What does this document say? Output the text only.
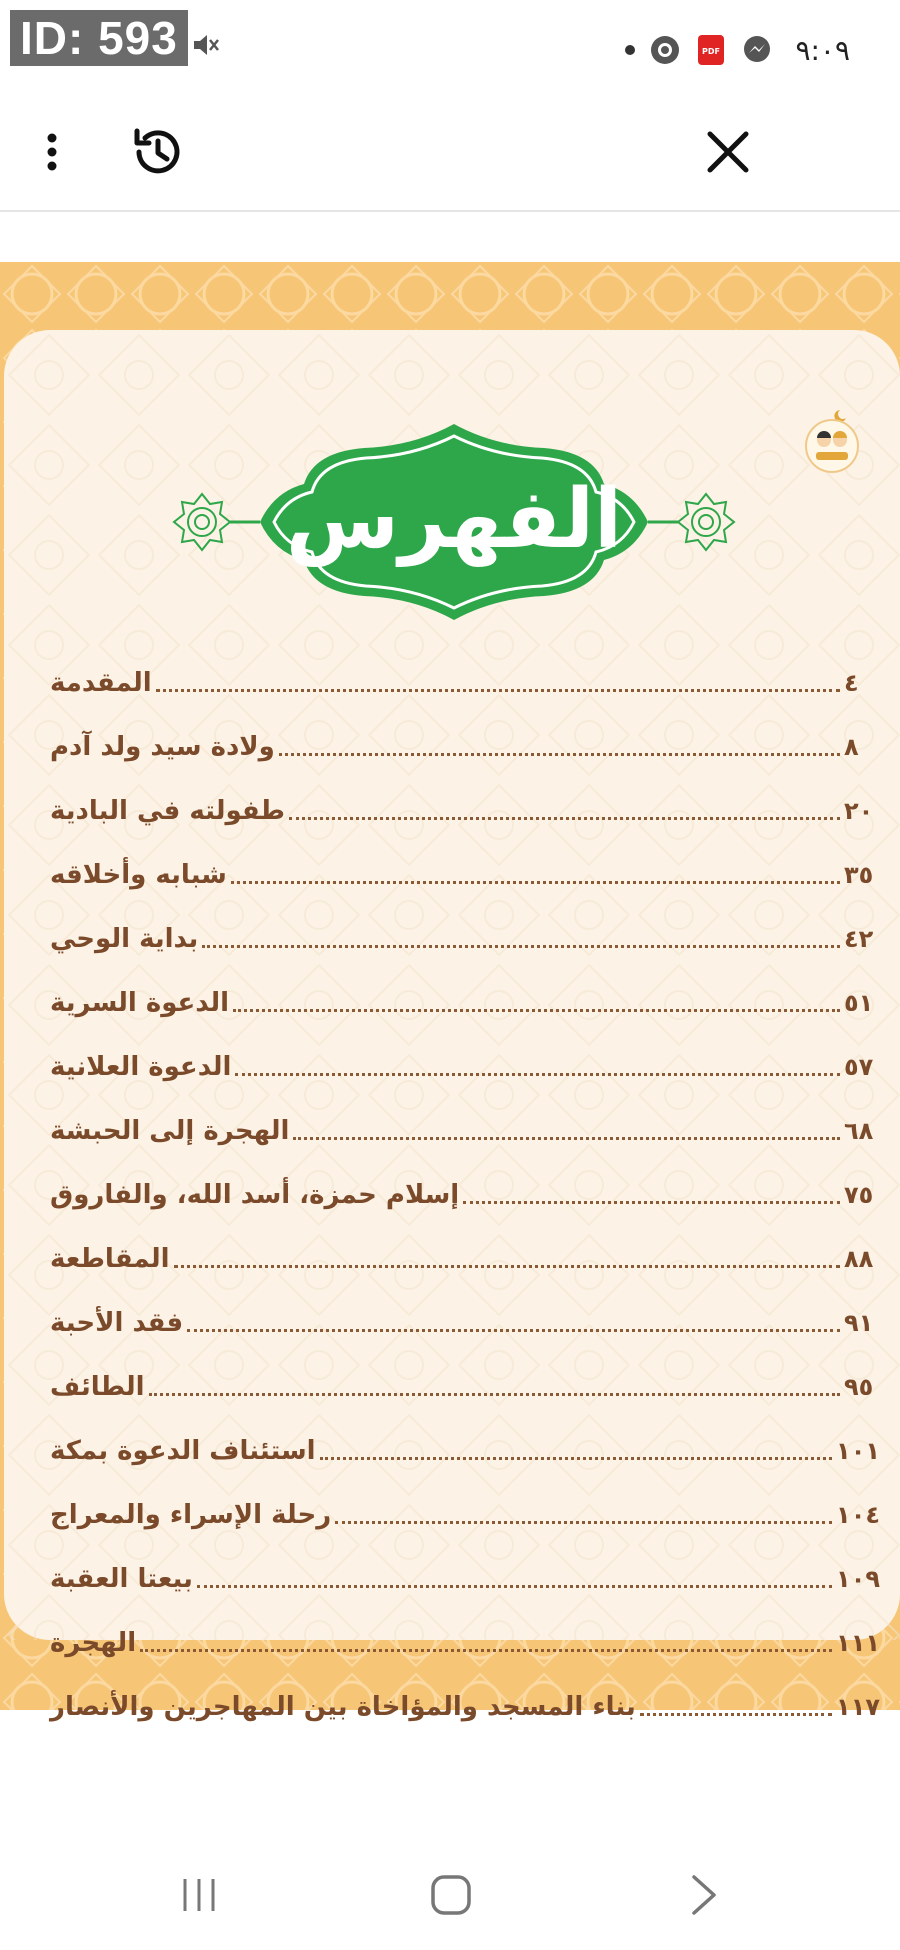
ID: 593	PDF	٩:٠٩
الفهرس
المقدمة	٤
ولادة سيد ولد آدم	٨
طفولته في البادية	٢٠
شبابه وأخلاقه	٣٥
بداية الوحي	٤٢
الدعوة السرية	٥١
الدعوة العلانية	٥٧
الهجرة إلى الحبشة	٦٨
إسلام حمزة، أسد الله، والفاروق	٧٥
المقاطعة	٨٨
فقد الأحبة	٩١
الطائف	٩٥
استئناف الدعوة بمكة	١٠١
رحلة الإسراء والمعراج	١٠٤
بيعتا العقبة	١٠٩
الهجرة	١١١
بناء المسجد والمؤاخاة بين المهاجرين والأنصار	١١٧
